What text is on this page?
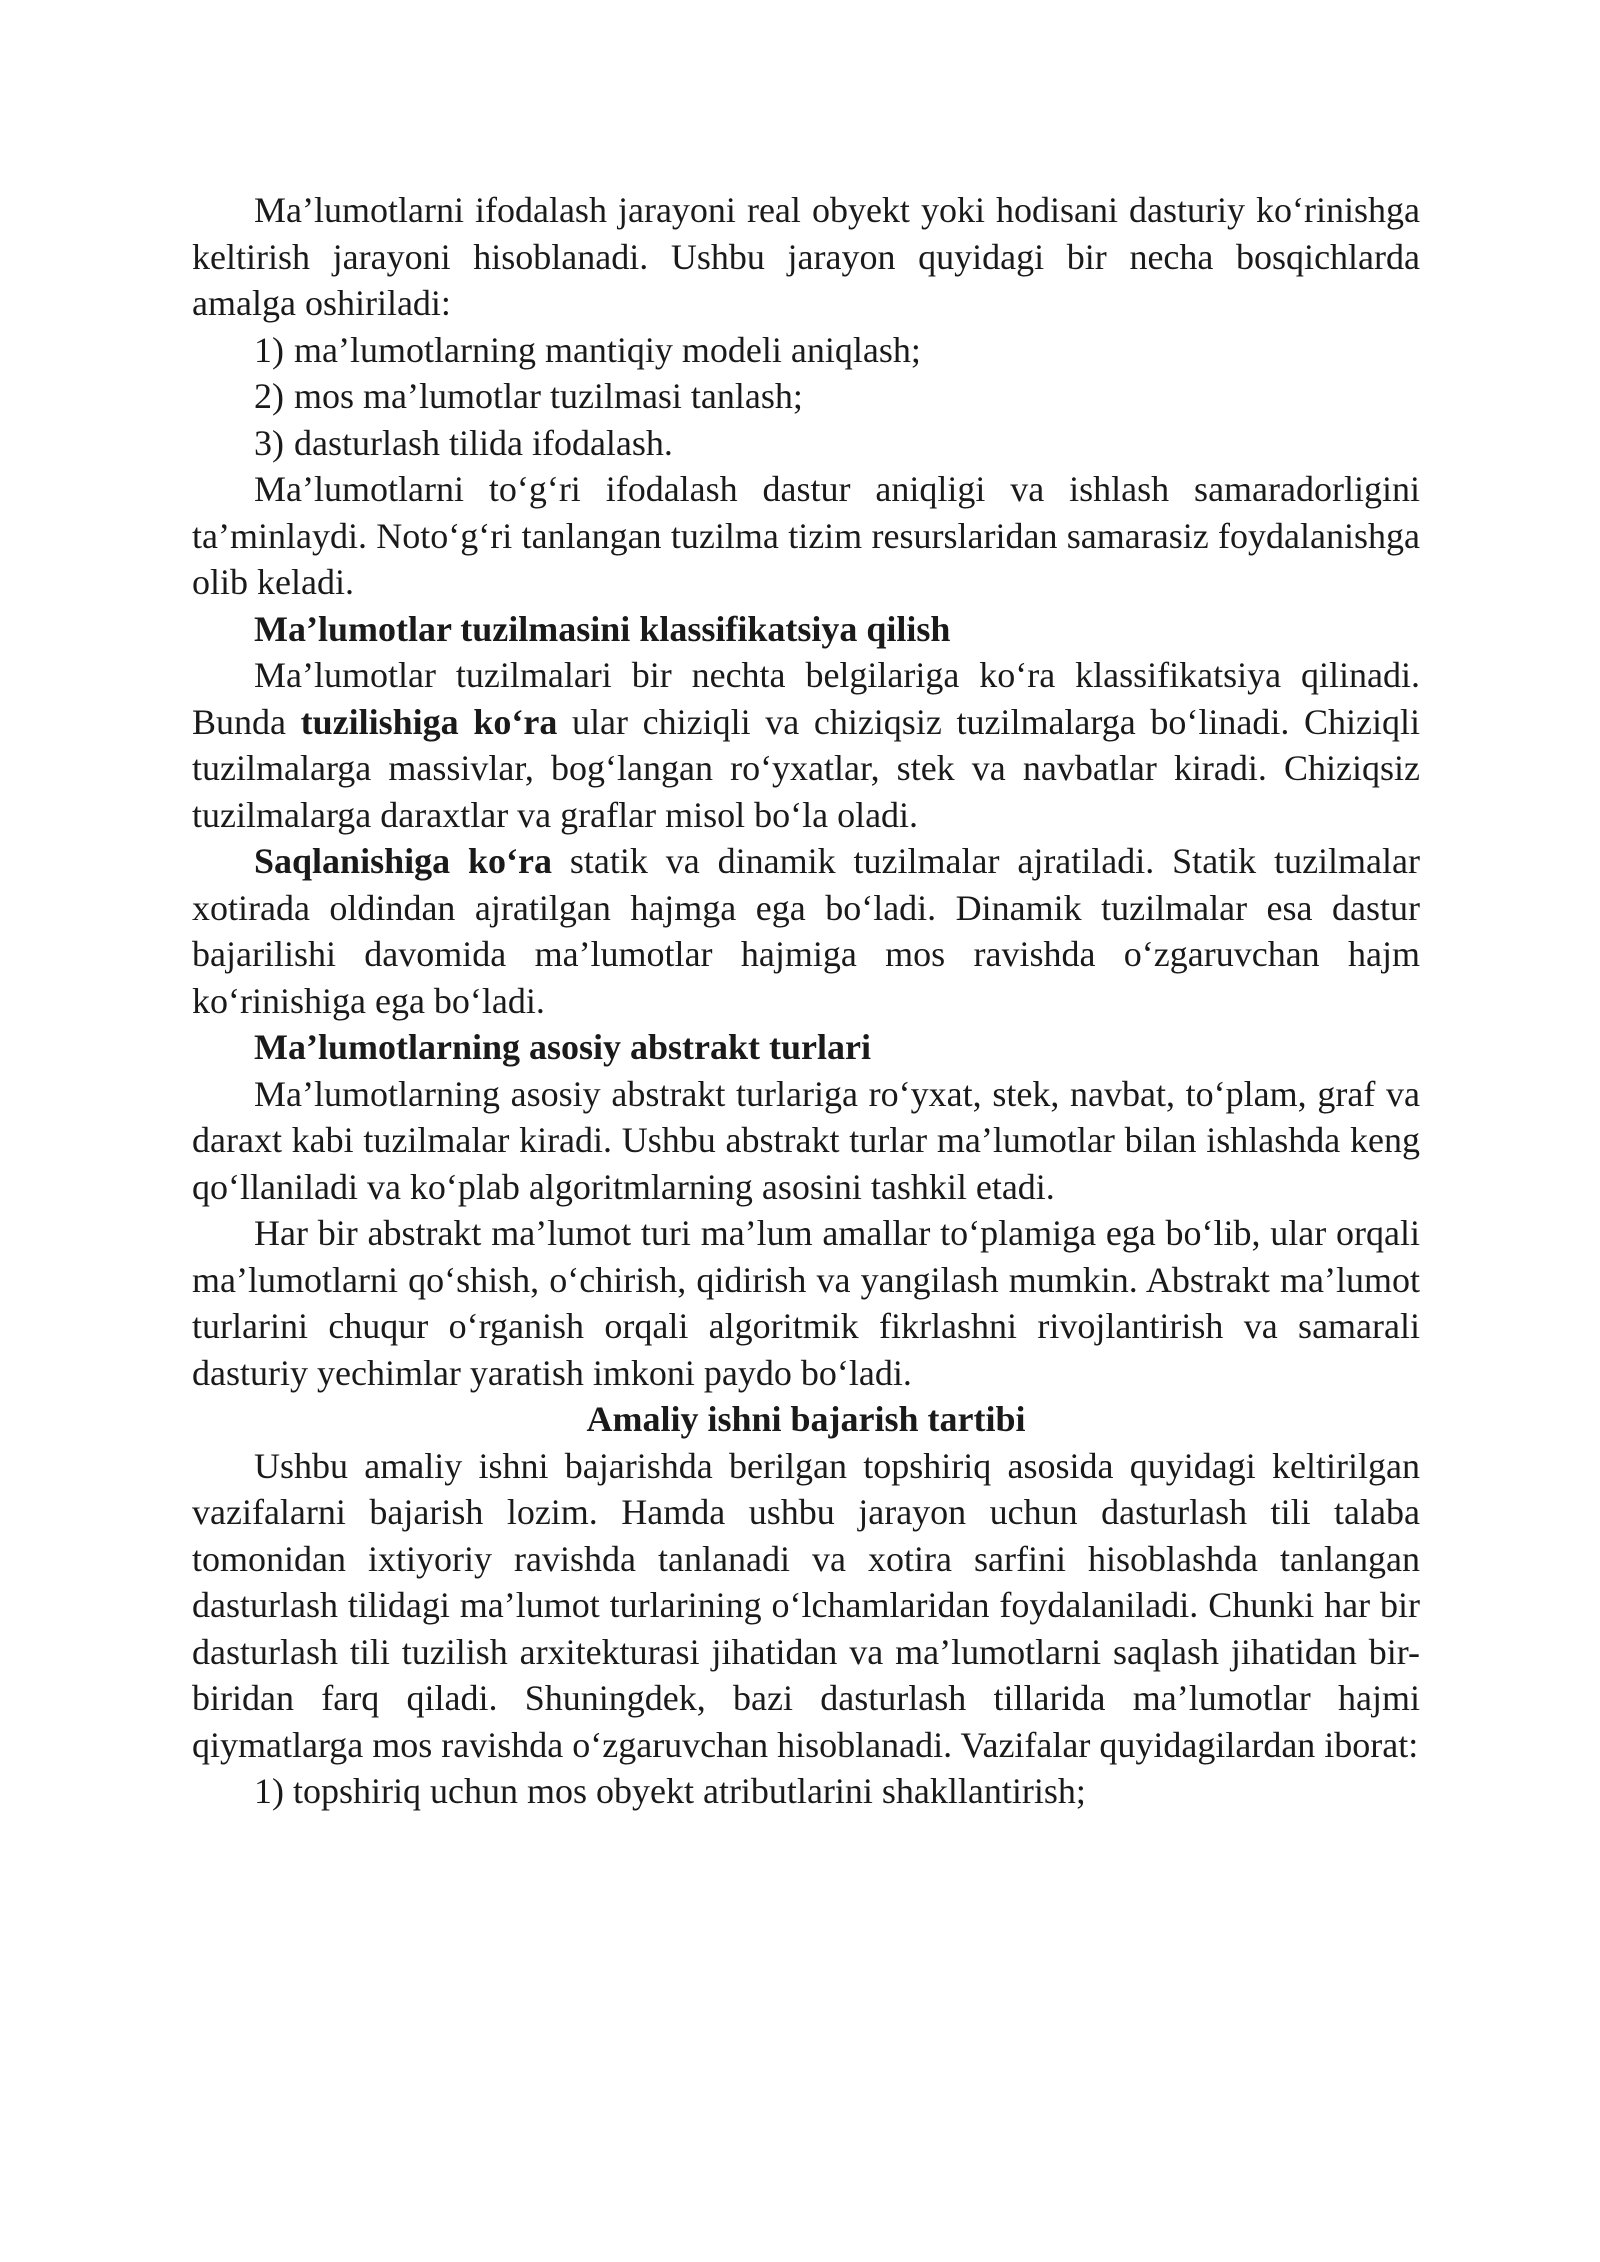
Ma’lumotlarni ifodalash jarayoni real obyekt yoki hodisani dasturiy ko‘rinishga keltirish jarayoni hisoblanadi. Ushbu jarayon quyidagi bir necha bosqichlarda amalga oshiriladi:

1) ma’lumotlarning mantiqiy modeli aniqlash;

2) mos ma’lumotlar tuzilmasi tanlash;

3) dasturlash tilida ifodalash.

Ma’lumotlarni to‘g‘ri ifodalash dastur aniqligi va ishlash samaradorligini ta’minlaydi. Noto‘g‘ri tanlangan tuzilma tizim resurslaridan samarasiz foydalanishga olib keladi.

Ma’lumotlar tuzilmasini klassifikatsiya qilish

Ma’lumotlar tuzilmalari bir nechta belgilariga ko‘ra klassifikatsiya qilinadi. Bunda tuzilishiga ko‘ra ular chiziqli va chiziqsiz tuzilmalarga bo‘linadi. Chiziqli tuzilmalarga massivlar, bog‘langan ro‘yxatlar, stek va navbatlar kiradi. Chiziqsiz tuzilmalarga daraxtlar va graflar misol bo‘la oladi.

Saqlanishiga ko‘ra statik va dinamik tuzilmalar ajratiladi. Statik tuzilmalar xotirada oldindan ajratilgan hajmga ega bo‘ladi. Dinamik tuzilmalar esa dastur bajarilishi davomida ma’lumotlar hajmiga mos ravishda o‘zgaruvchan hajm ko‘rinishiga ega bo‘ladi.

Ma’lumotlarning asosiy abstrakt turlari

Ma’lumotlarning asosiy abstrakt turlariga ro‘yxat, stek, navbat, to‘plam, graf va daraxt kabi tuzilmalar kiradi. Ushbu abstrakt turlar ma’lumotlar bilan ishlashda keng qo‘llaniladi va ko‘plab algoritmlarning asosini tashkil etadi.

Har bir abstrakt ma’lumot turi ma’lum amallar to‘plamiga ega bo‘lib, ular orqali ma’lumotlarni qo‘shish, o‘chirish, qidirish va yangilash mumkin. Abstrakt ma’lumot turlarini chuqur o‘rganish orqali algoritmik fikrlashni rivojlantirish va samarali dasturiy yechimlar yaratish imkoni paydo bo‘ladi.

Amaliy ishni bajarish tartibi

Ushbu amaliy ishni bajarishda berilgan topshiriq asosida quyidagi keltirilgan vazifalarni bajarish lozim. Hamda ushbu jarayon uchun dasturlash tili talaba tomonidan ixtiyoriy ravishda tanlanadi va xotira sarfini hisoblashda tanlangan dasturlash tilidagi ma’lumot turlarining o‘lchamlaridan foydalaniladi. Chunki har bir dasturlash tili tuzilish arxitekturasi jihatidan va ma’lumotlarni saqlash jihatidan bir-biridan farq qiladi. Shuningdek, bazi dasturlash tillarida ma’lumotlar hajmi qiymatlarga mos ravishda o‘zgaruvchan hisoblanadi. Vazifalar quyidagilardan iborat:

1) topshiriq uchun mos obyekt atributlarini shakllantirish;
